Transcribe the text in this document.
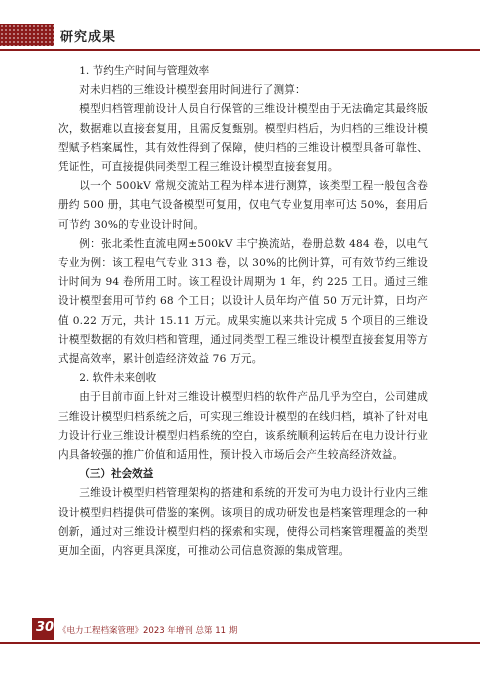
研究成果

1. 节约生产时间与管理效率

对未归档的三维设计模型套用时间进行了测算：

模型归档管理前设计人员自行保管的三维设计模型由于无法确定其最终版次，数据难以直接套复用，且需反复甄别。模型归档后，为归档的三维设计模型赋予档案属性，其有效性得到了保障，使归档的三维设计模型具备可靠性、凭证性，可直接提供同类型工程三维设计模型直接套复用。

以一个 500kV 常规交流站工程为样本进行测算，该类型工程一般包含卷册约 500 册，其电气设备模型可复用，仅电气专业复用率可达 50%，套用后可节约 30%的专业设计时间。

例：张北柔性直流电网±500kV 丰宁换流站，卷册总数 484 卷，以电气专业为例：该工程电气专业 313 卷，以 30%的比例计算，可有效节约三维设计时间为 94 卷所用工时。该工程设计周期为 1 年，约 225 工日。通过三维设计模型套用可节约 68 个工日；以设计人员年均产值 50 万元计算，日均产值 0.22 万元，共计 15.11 万元。成果实施以来共计完成 5 个项目的三维设计模型数据的有效归档和管理，通过同类型工程三维设计模型直接套复用等方式提高效率，累计创造经济效益 76 万元。

2. 软件未来创收

由于目前市面上针对三维设计模型归档的软件产品几乎为空白，公司建成三维设计模型归档系统之后，可实现三维设计模型的在线归档，填补了针对电力设计行业三维设计模型归档系统的空白，该系统顺利运转后在电力设计行业内具备较强的推广价值和适用性，预计投入市场后会产生较高经济效益。

（三）社会效益

三维设计模型归档管理架构的搭建和系统的开发可为电力设计行业内三维设计模型归档提供可借鉴的案例。该项目的成功研发也是档案管理理念的一种创新，通过对三维设计模型归档的探索和实现，使得公司档案管理覆盖的类型更加全面，内容更具深度，可推动公司信息资源的集成管理。

30 《电力工程档案管理》2023 年增刊 总第 11 期
